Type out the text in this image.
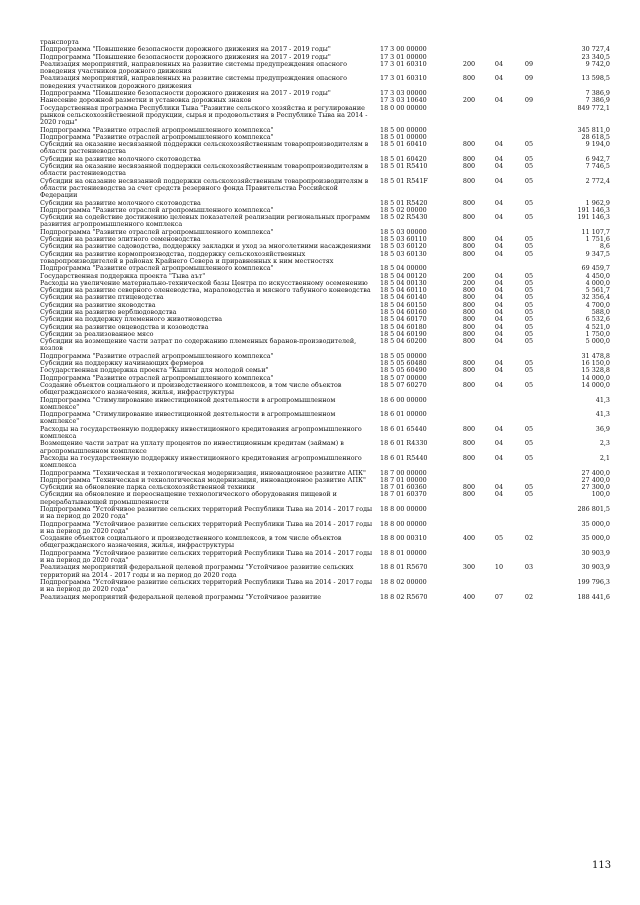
транспорта
Подпрограмма "Повышение безопасности дорожного движения на 2017 - 2019 годы"	17 3 00 00000	30 727,4
Подпрограмма "Повышение безопасности дорожного движения на 2017 - 2019 годы"	17 3 01 00000	23 340,5
Реализация мероприятий, направленных на развитие системы предупреждения опасного поведения участников дорожного движения
17 3 01 60310	200	04	09	9 742,0
Реализация мероприятий, направленных на развитие системы предупреждения опасного поведения участников дорожного движения
17 3 01 60310	800	04	09	13 598,5
Подпрограмма "Повышение безопасности дорожного движения на 2017 - 2019 годы"	17 3 03 00000	7 386,9
Нанесение дорожной разметки и установка дорожных знаков	17 3 03 10640	200	04	09	7 386,9
Государственная программа Республики Тыва "Развитие сельского хозяйства и регулирование рынков сельскохозяйственной продукции, сырья и продовольствия в Республике Тыва на 2014 - 2020 годы"
18 0 00 00000	849 772,1
Подпрограмма "Развитие отраслей агропромышленного комплекса"	18 5 00 00000	345 811,0
Подпрограмма "Развитие отраслей агропромышленного комплекса"	18 5 01 00000	28 618,5
Субсидии на оказание несвязанной поддержки сельскохозяйственным товаропроизводителям в области растениеводства
18 5 01 60410	800	04	05	9 194,0
Субсидии на развитие молочного скотоводства	18 5 01 60420	800	04	05	6 942,7
Субсидии на оказание несвязанной поддержки сельскохозяйственным товаропроизводителям в области растениеводства
18 5 01 R5410	800	04	05	7 746,5
Субсидии на оказание несвязанной поддержки сельскохозяйственным товаропроизводителям в области растениеводства за счет средств резервного фонда Правительства Российской Федерации
18 5 01 R541F	800	04	05	2 772,4
Субсидии на развитие молочного скотоводства	18 5 01 R5420	800	04	05	1 962,9
Подпрограмма "Развитие отраслей агропромышленного комплекса"	18 5 02 00000	191 146,3
Субсидии на содействие достижению целевых показателей реализации региональных программ развития агропромышленного комплекса
18 5 02 R5430	800	04	05	191 146,3
Подпрограмма "Развитие отраслей агропромышленного комплекса"	18 5 03 00000	11 107,7
Субсидии на развитие элитного семеноводства	18 5 03 60110	800	04	05	1 751,6
Субсидии на развитие садоводства, поддержку закладки и уход за многолетними насаждениями	18 5 03 60120	800	04	05	8,6
Субсидии на развитие кормопроизводства, поддержку сельскохозяйственных товаропроизводителей в районах Крайнего Севера и приравненных к ним местностях
18 5 03 60130	800	04	05	9 347,5
Подпрограмма "Развитие отраслей агропромышленного комплекса"	18 5 04 00000	69 459,7
Государственная поддержка проекта "Тыва аът"	18 5 04 00120	200	04	05	4 450,0
Расходы на увеличение материально-технической базы Центра по искусственному осеменению	18 5 04 00130	200	04	05	4 000,0
Субсидии на развитие северного оленеводства, мараловодства и мясного табунного коневодства	18 5 04 60110	800	04	05	5 561,7
Субсидии на развитие птицеводства	18 5 04 60140	800	04	05	32 356,4
Субсидии на развитие яководства	18 5 04 60150	800	04	05	4 700,0
Субсидии на развитие верблюдоводства	18 5 04 60160	800	04	05	588,0
Субсидии на поддержку племенного животноводства	18 5 04 60170	800	04	05	6 532,6
Субсидии на развитие овцеводства и козоводства	18 5 04 60180	800	04	05	4 521,0
Субсидии за реализованное мясо	18 5 04 60190	800	04	05	1 750,0
Субсидии на возмещение части затрат по содержанию племенных баранов-производителей, козлов
18 5 04 60200	800	04	05	5 000,0
Подпрограмма "Развитие отраслей агропромышленного комплекса"	18 5 05 00000	31 478,8
Субсидии на поддержку начинающих фермеров	18 5 05 60480	800	04	05	16 150,0
Государственная поддержка проекта "Кыштаг для молодой семьи"	18 5 05 60490	800	04	05	15 328,8
Подпрограмма "Развитие отраслей агропромышленного комплекса"	18 5 07 00000	14 000,0
Создание объектов социального и производственного комплексов, в том числе объектов общегражданского назначения, жилья, инфраструктуры
18 5 07 60270	800	04	05	14 000,0
Подпрограмма "Стимулирование инвестиционной деятельности в агропромышленном комплексе"
18 6 00 00000	41,3
Подпрограмма "Стимулирование инвестиционной деятельности в агропромышленном комплексе"
18 6 01 00000	41,3
Расходы на государственную поддержку инвестиционного кредитования агропромышленного комплекса
18 6 01 65440	800	04	05	36,9
Возмещение части затрат на уплату процентов по инвестиционным кредитам (займам) в агропромышленном комплексе
18 6 01 R4330	800	04	05	2,3
Расходы на государственную поддержку инвестиционного кредитования агропромышленного комплекса
18 6 01 R5440	800	04	05	2,1
Подпрограмма "Техническая и технологическая модернизация, инновационное развитие АПК"	18 7 00 00000	27 400,0
Подпрограмма "Техническая и технологическая модернизация, инновационное развитие АПК"	18 7 01 00000	27 400,0
Субсидии на обновление парка сельскохозяйственной техники	18 7 01 60360	800	04	05	27 300,0
Субсидии на обновление и переоснащение технологического оборудования пищевой и перерабатывающей промышленности
18 7 01 60370	800	04	05	100,0
Подпрограмма "Устойчивое развитие сельских территорий Республики Тыва на 2014 - 2017 годы и на период до 2020 года"
18 8 00 00000	286 801,5
Подпрограмма "Устойчивое развитие сельских территорий Республики Тыва на 2014 - 2017 годы и на период до 2020 года"
18 8 00 00000	35 000,0
Создание объектов социального и производственного комплексов, в том числе объектов общегражданского назначения, жилья, инфраструктуры
18 8 00 00310	400	05	02	35 000,0
Подпрограмма "Устойчивое развитие сельских территорий Республики Тыва на 2014 - 2017 годы и на период до 2020 года"
18 8 01 00000	30 903,9
Реализация мероприятий федеральной целевой программы "Устойчивое развитие сельских территорий на 2014 - 2017 годы и на период до 2020 года
18 8 01 R5670	300	10	03	30 903,9
Подпрограмма "Устойчивое развитие сельских территорий Республики Тыва на 2014 - 2017 годы и на период до 2020 года"
18 8 02 00000	199 796,3
Реализация мероприятий федеральной целевой программы "Устойчивое развитие	18 8 02 R5670	400	07	02	188 441,6
113
